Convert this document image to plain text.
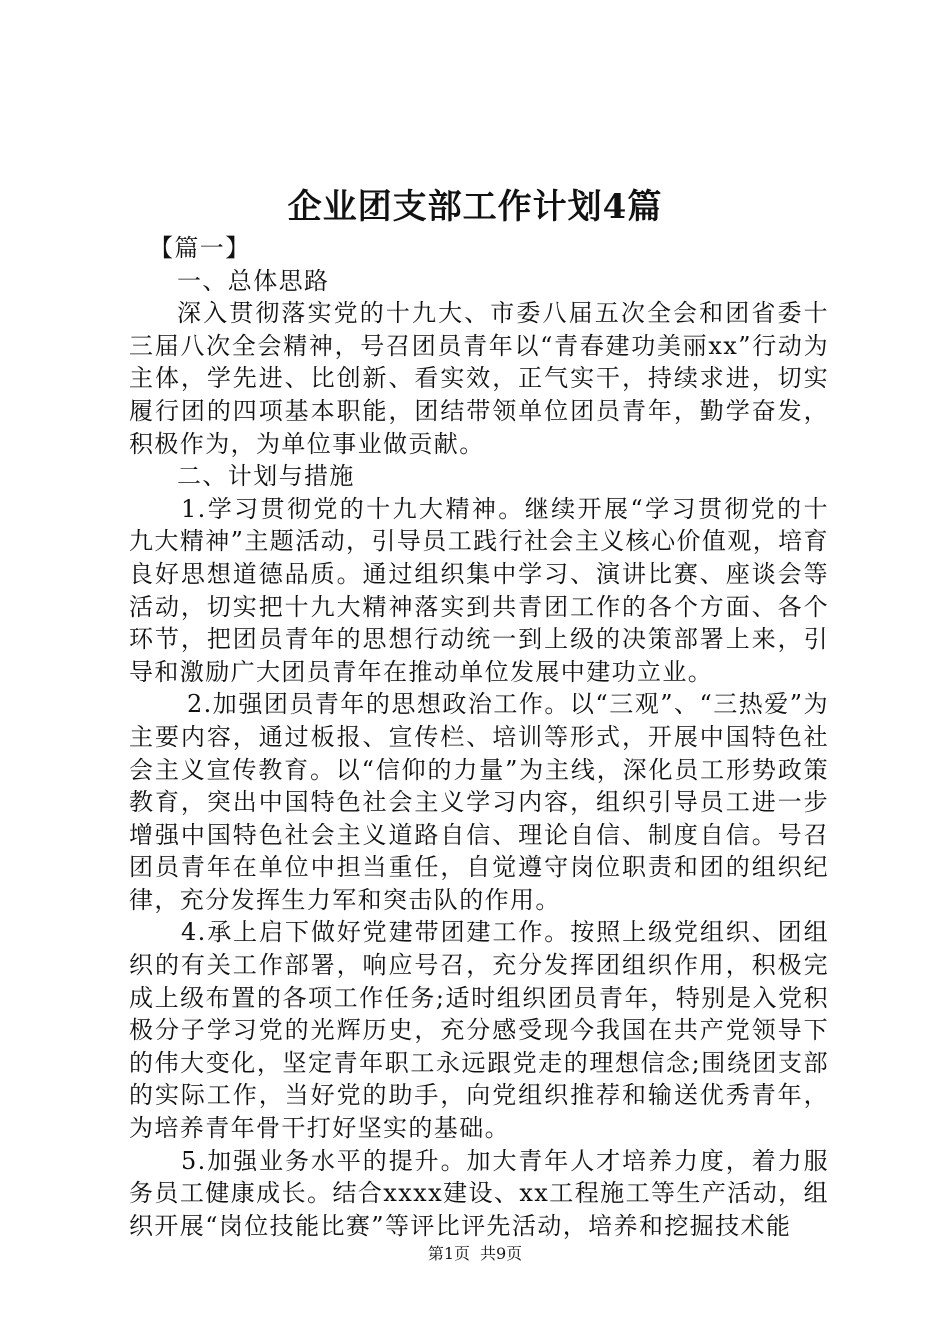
企业团支部工作计划4篇

【篇一】

一、总体思路

深入贯彻落实党的十九大、市委八届五次全会和团省委十三届八次全会精神，号召团员青年以“青春建功美丽xx”行动为主体，学先进、比创新、看实效，正气实干，持续求进，切实履行团的四项基本职能，团结带领单位团员青年，勤学奋发，积极作为，为单位事业做贡献。

二、计划与措施

1.学习贯彻党的十九大精神。继续开展“学习贯彻党的十九大精神”主题活动，引导员工践行社会主义核心价值观，培育良好思想道德品质。通过组织集中学习、演讲比赛、座谈会等活动，切实把十九大精神落实到共青团工作的各个方面、各个环节，把团员青年的思想行动统一到上级的决策部署上来，引导和激励广大团员青年在推动单位发展中建功立业。

2.加强团员青年的思想政治工作。以“三观”、“三热爱”为主要内容，通过板报、宣传栏、培训等形式，开展中国特色社会主义宣传教育。以“信仰的力量”为主线，深化员工形势政策教育，突出中国特色社会主义学习内容，组织引导员工进一步增强中国特色社会主义道路自信、理论自信、制度自信。号召团员青年在单位中担当重任，自觉遵守岗位职责和团的组织纪律，充分发挥生力军和突击队的作用。

4.承上启下做好党建带团建工作。按照上级党组织、团组织的有关工作部署，响应号召，充分发挥团组织作用，积极完成上级布置的各项工作任务;适时组织团员青年，特别是入党积极分子学习党的光辉历史，充分感受现今我国在共产党领导下的伟大变化，坚定青年职工永远跟党走的理想信念;围绕团支部的实际工作，当好党的助手，向党组织推荐和输送优秀青年，为培养青年骨干打好坚实的基础。

5.加强业务水平的提升。加大青年人才培养力度，着力服务员工健康成长。结合xxxx建设、xx工程施工等生产活动，组织开展“岗位技能比赛”等评比评先活动，培养和挖掘技术能

第1页 共9页
